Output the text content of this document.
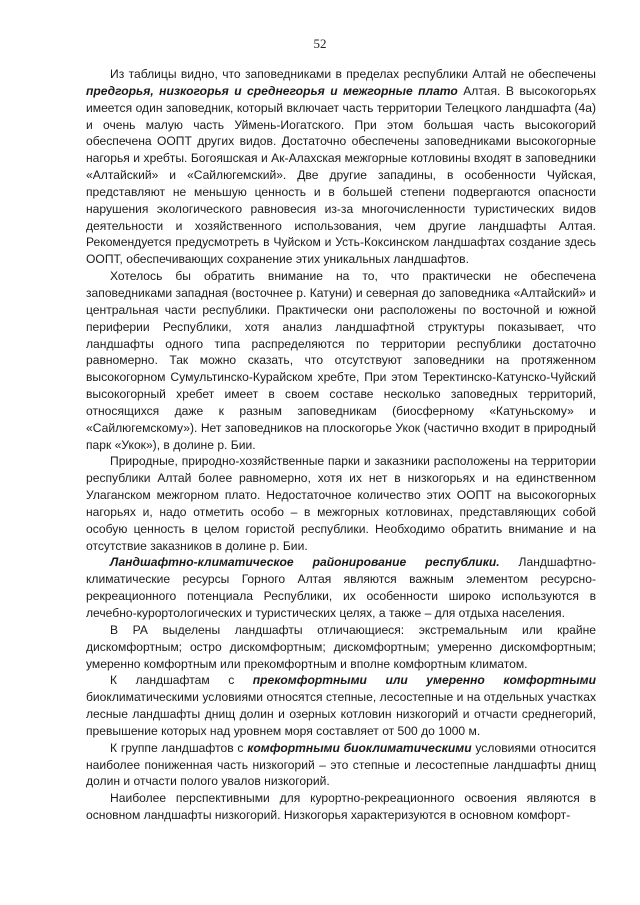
52

Из таблицы видно, что заповедниками в пределах республики Алтай не обеспечены предгорья, низкогорья и среднегорья и межгорные плато Алтая. В высокогорьях имеется один заповедник, который включает часть территории Телецкого ландшафта (4а) и очень малую часть Уймень-Иогатского. При этом большая часть высокогорий обеспечена ООПТ других видов. Достаточно обеспечены заповедниками высокогорные нагорья и хребты. Богояшская и Ак-Алахская межгорные котловины входят в заповедники «Алтайский» и «Сайлюгемский». Две другие западины, в особенности Чуйская, представляют не меньшую ценность и в большей степени подвергаются опасности нарушения экологического равновесия из-за многочисленности туристических видов деятельности и хозяйственного использования, чем другие ландшафты Алтая. Рекомендуется предусмотреть в Чуйском и Усть-Коксинском ландшафтах создание здесь ООПТ, обеспечивающих сохранение этих уникальных ландшафтов.

Хотелось бы обратить внимание на то, что практически не обеспечена заповедниками западная (восточнее р. Катуни) и северная до заповедника «Алтайский» и центральная части республики. Практически они расположены по восточной и южной периферии Республики, хотя анализ ландшафтной структуры показывает, что ландшафты одного типа распределяются по территории республики достаточно равномерно. Так можно сказать, что отсутствуют заповедники на протяженном высокогорном Сумультинско-Курайском хребте, При этом Теректинско-Катунско-Чуйский высокогорный хребет имеет в своем составе несколько заповедных территорий, относящихся даже к разным заповедникам (биосферному «Катуньскому» и «Сайлюгемскому»). Нет заповедников на плоскогорье Укок (частично входит в природный парк «Укок»), в долине р. Бии.

Природные, природно-хозяйственные парки и заказники расположены на территории республики Алтай более равномерно, хотя их нет в низкогорьях и на единственном Улаганском межгорном плато. Недостаточное количество этих ООПТ на высокогорных нагорьях и, надо отметить особо – в межгорных котловинах, представляющих собой особую ценность в целом гористой республики. Необходимо обратить внимание и на отсутствие заказников в долине р. Бии.

Ландшафтно-климатическое районирование республики. Ландшафтно-климатические ресурсы Горного Алтая являются важным элементом ресурсно-рекреационного потенциала Республики, их особенности широко используются в лечебно-курортологических и туристических целях, а также – для отдыха населения.

В РА выделены ландшафты отличающиеся: экстремальным или крайне дискомфортным; остро дискомфортным; дискомфортным; умеренно дискомфортным; умеренно комфортным или прекомфортным и вполне комфортным климатом.

К ландшафтам с прекомфортными или умеренно комфортными биоклиматическими условиями относятся степные, лесостепные и на отдельных участках лесные ландшафты днищ долин и озерных котловин низкогорий и отчасти среднегорий, превышение которых над уровнем моря составляет от 500 до 1000 м.

К группе ландшафтов с комфортными биоклиматическими условиями относится наиболее пониженная часть низкогорий – это степные и лесостепные ландшафты днищ долин и отчасти полого увалов низкогорий.

Наиболее перспективными для курортно-рекреационного освоения являются в основном ландшафты низкогорий. Низкогорья характеризуются в основном комфорт-
